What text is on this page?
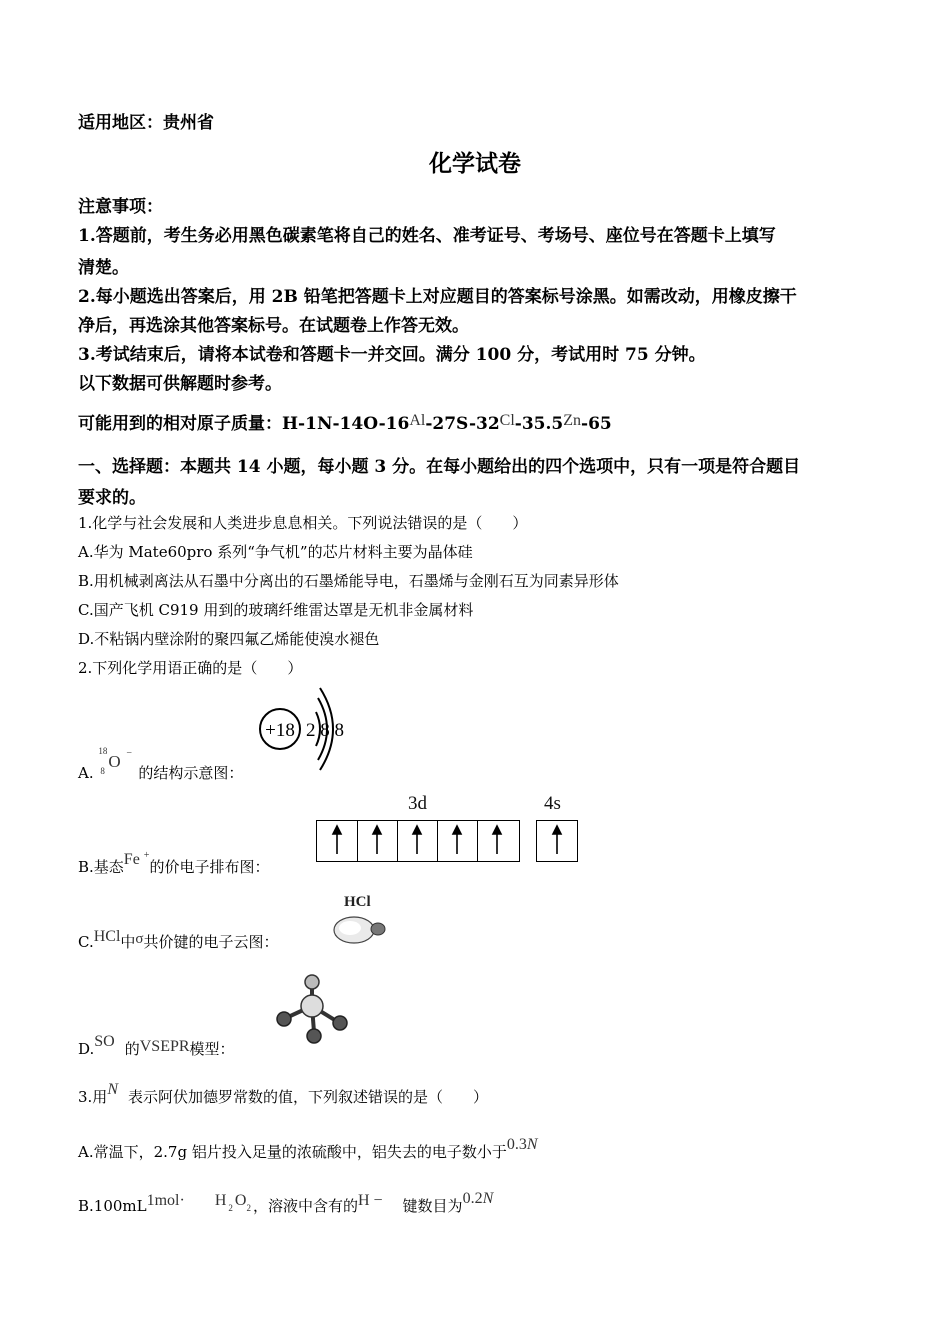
适用地区：贵州省
化学试卷
注意事项：
1.答题前，考生务必用黑色碳素笔将自己的姓名、准考证号、考场号、座位号在答题卡上填写
清楚。
2.每小题选出答案后，用 2B 铅笔把答题卡上对应题目的答案标号涂黑。如需改动，用橡皮擦干
净后，再选涂其他答案标号。在试题卷上作答无效。
3.考试结束后，请将本试卷和答题卡一并交回。满分 100 分，考试用时 75 分钟。
以下数据可供解题时参考。
可能用到的相对原子质量：H-1N-14O-16Al-27S-32Cl-35.5Zn-65
一、选择题：本题共 14 小题，每小题 3 分。在每小题给出的四个选项中，只有一项是符合题目
要求的。
1.化学与社会发展和人类进步息息相关。下列说法错误的是（　　）
A.华为 Mate60pro 系列“争气机”的芯片材料主要为晶体硅
B.用机械剥离法从石墨中分离出的石墨烯能导电，石墨烯与金刚石互为同素异形体
C.国产飞机 C919 用到的玻璃纤维雷达罩是无机非金属材料
D.不粘锅内壁涂附的聚四氟乙烯能使溴水褪色
2.下列化学用语正确的是（　　）
A.
18
8 O −
的结构示意图：
+18 2 8 8
B.基态Fe +的价电子排布图：
3d	4s
C.HCl中σ共价键的电子云图：
HCl
D.SO 的VSEPR模型：
3.用N 表示阿伏加德罗常数的值，下列叙述错误的是（　　）
A.常温下，2.7g 铝片投入足量的浓硫酸中，铝失去的电子数小于0.3N
B.100mL1mol· H 2 O2 ，溶液中含有的H − 键数目为0.2N
